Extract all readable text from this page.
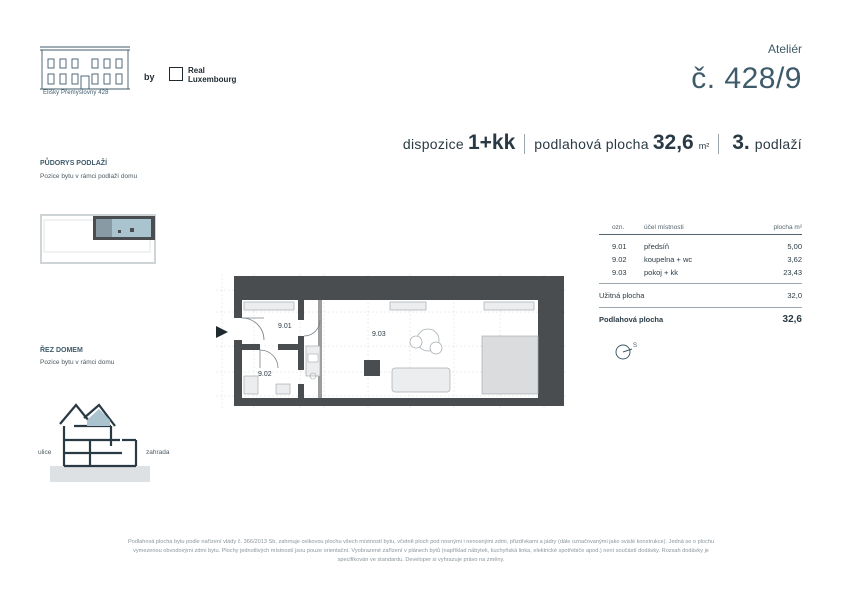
Elišky Přemyslovny 428
by
Real
Luxembourg
Ateliér
č. 428/9
dispozice 1+kk podlahová plocha 32,6 m² 3. podlaží
PŮDORYS PODLAŽÍ
Pozice bytu v rámci podlaží domu
ŘEZ DOMEM
Pozice bytu v rámci domu
ulice	zahrada
9.01
9.02
9.03
ozn.	účel místnosti	plocha m²
9.01	předsíň	5,00
9.02	koupelna + wc	3,62
9.03	pokoj + kk	23,43
Užitná plocha	32,0
Podlahová plocha	32,6
S
Podlahová plocha bytu podle nařízení vlády č. 366/2013 Sb. zahrnuje celkovou plochu všech místností bytu, včetně ploch pod nosnými i nenosnými zdmi, přizdívkami a jádry (dále označovanými jako svislé konstrukce). Jedná se o plochu
vymezenou obvodovými zdmi bytu. Plochy jednotlivých místností jsou pouze orientační. Vyobrazené zařízení v plánech bytů (například nábytek, kuchyňská linka, elektrické spotřebiče apod.) není součástí dodávky. Rozsah dodávky je
specifikován ve standardu. Developer si vyhrazuje právo na změny.
